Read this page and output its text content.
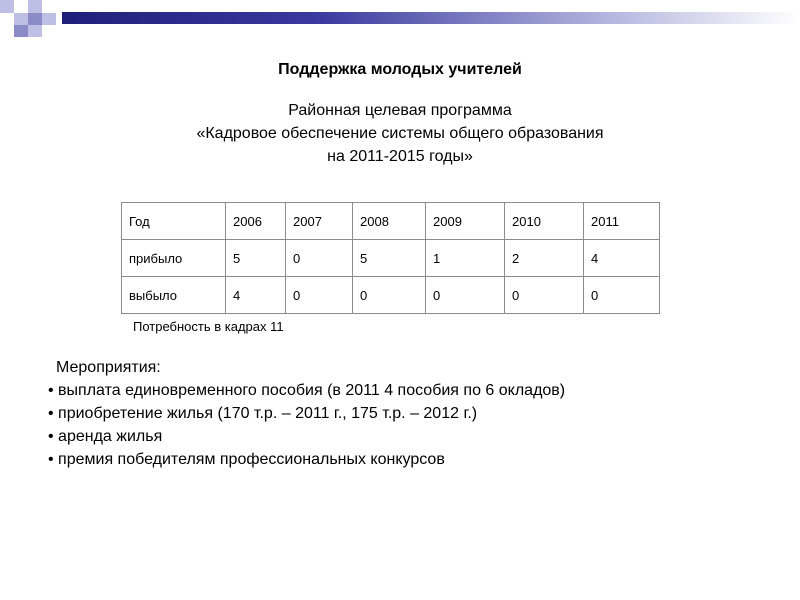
Поддержка молодых учителей
Районная целевая программа
«Кадровое обеспечение системы общего образования
на 2011-2015 годы»
Год	2006	2007	2008	2009	2010	2011
прибыло	5	0	5	1	2	4
выбыло	4	0	0	0	0	0
Потребность в кадрах 11
Мероприятия:
• выплата единовременного пособия (в 2011 4 пособия по 6 окладов)
• приобретение жилья (170 т.р. – 2011 г., 175 т.р. – 2012 г.)
• аренда жилья
• премия победителям профессиональных конкурсов
